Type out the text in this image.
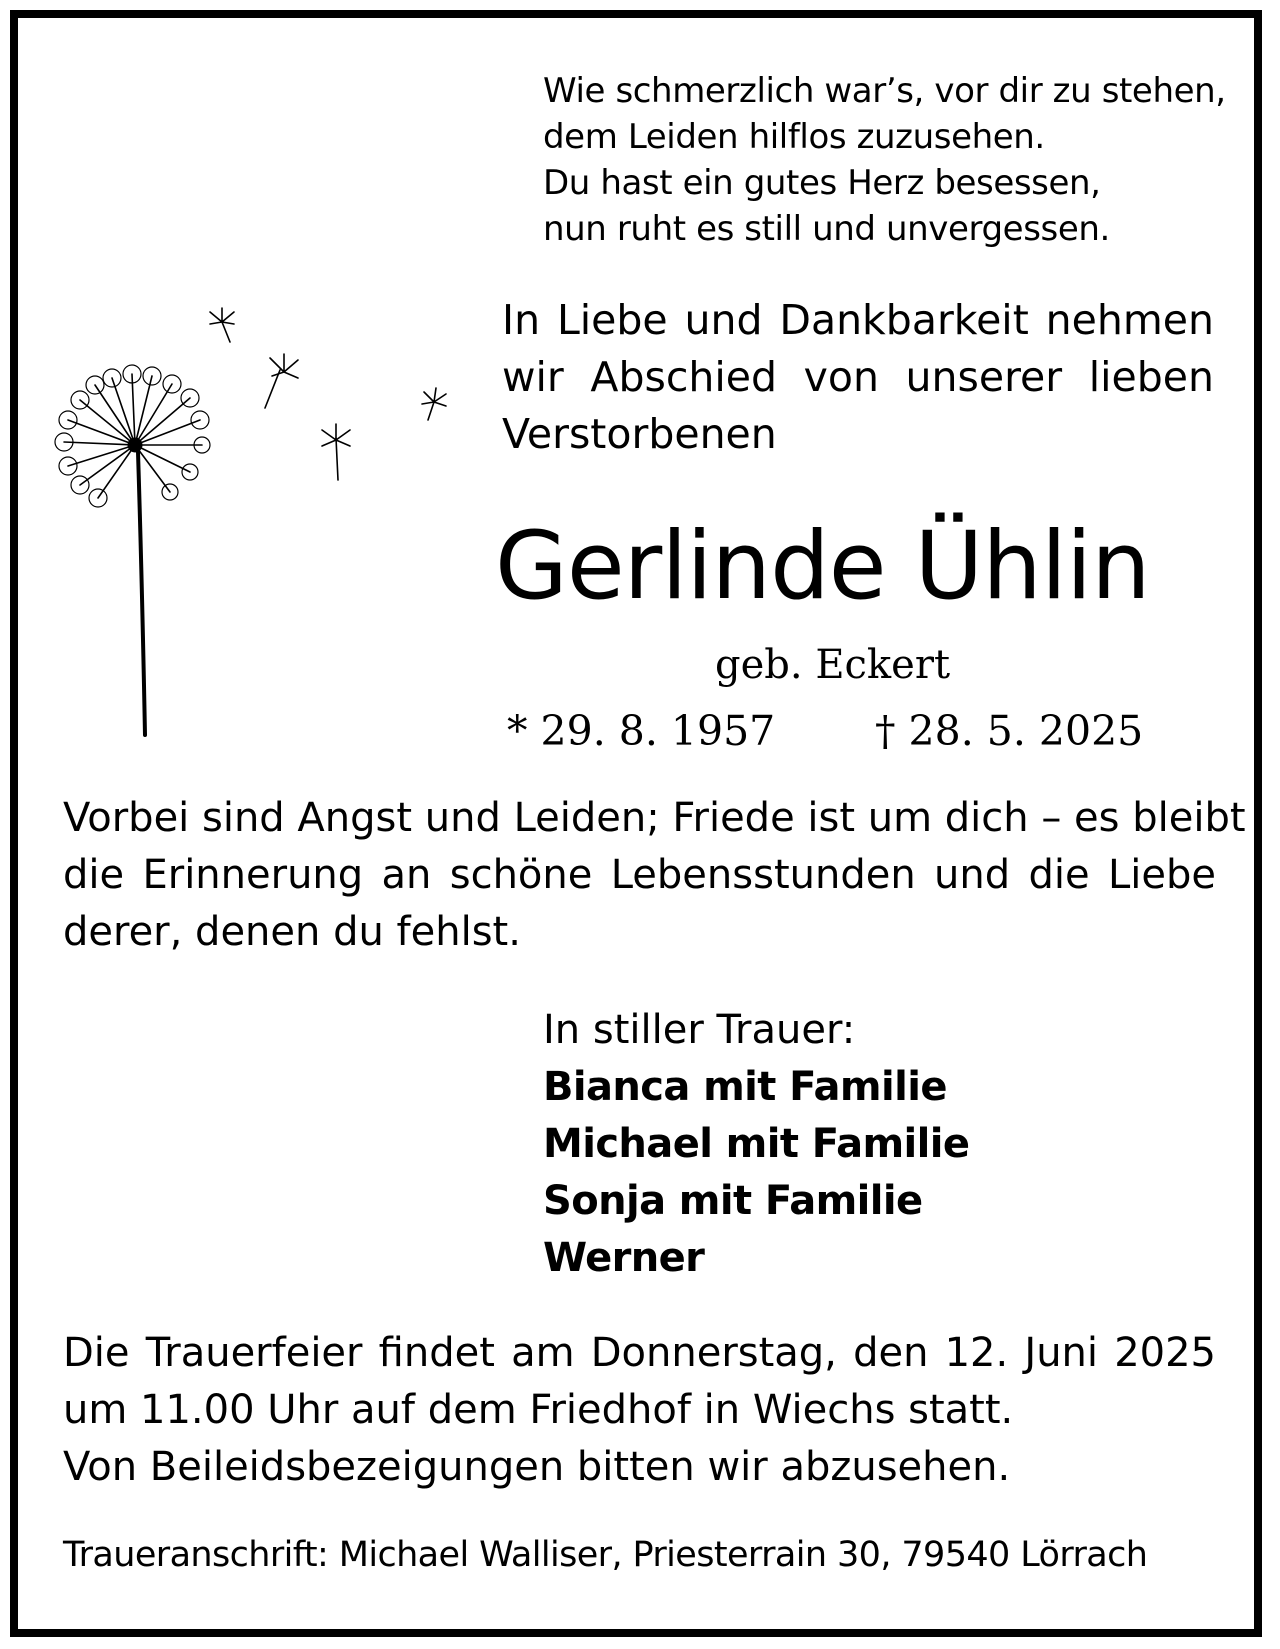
Wie schmerzlich war’s, vor dir zu stehen,
dem Leiden hilflos zuzusehen.
Du hast ein gutes Herz besessen,
nun ruht es still und unvergessen.
In Liebe und Dankbarkeit nehmen
wir Abschied von unserer lieben
Verstorbenen
Gerlinde Ühlin
geb. Eckert
* 29. 8. 1957 † 28. 5. 2025
Vorbei sind Angst und Leiden; Friede ist um dich – es bleibt
die Erinnerung an schöne Lebensstunden und die Liebe
derer, denen du fehlst.
In stiller Trauer:
Bianca mit Familie
Michael mit Familie
Sonja mit Familie
Werner
Die Trauerfeier findet am Donnerstag, den 12. Juni 2025
um 11.00 Uhr auf dem Friedhof in Wiechs statt.
Von Beileidsbezeigungen bitten wir abzusehen.
Traueranschrift: Michael Walliser, Priesterrain 30, 79540 Lörrach
